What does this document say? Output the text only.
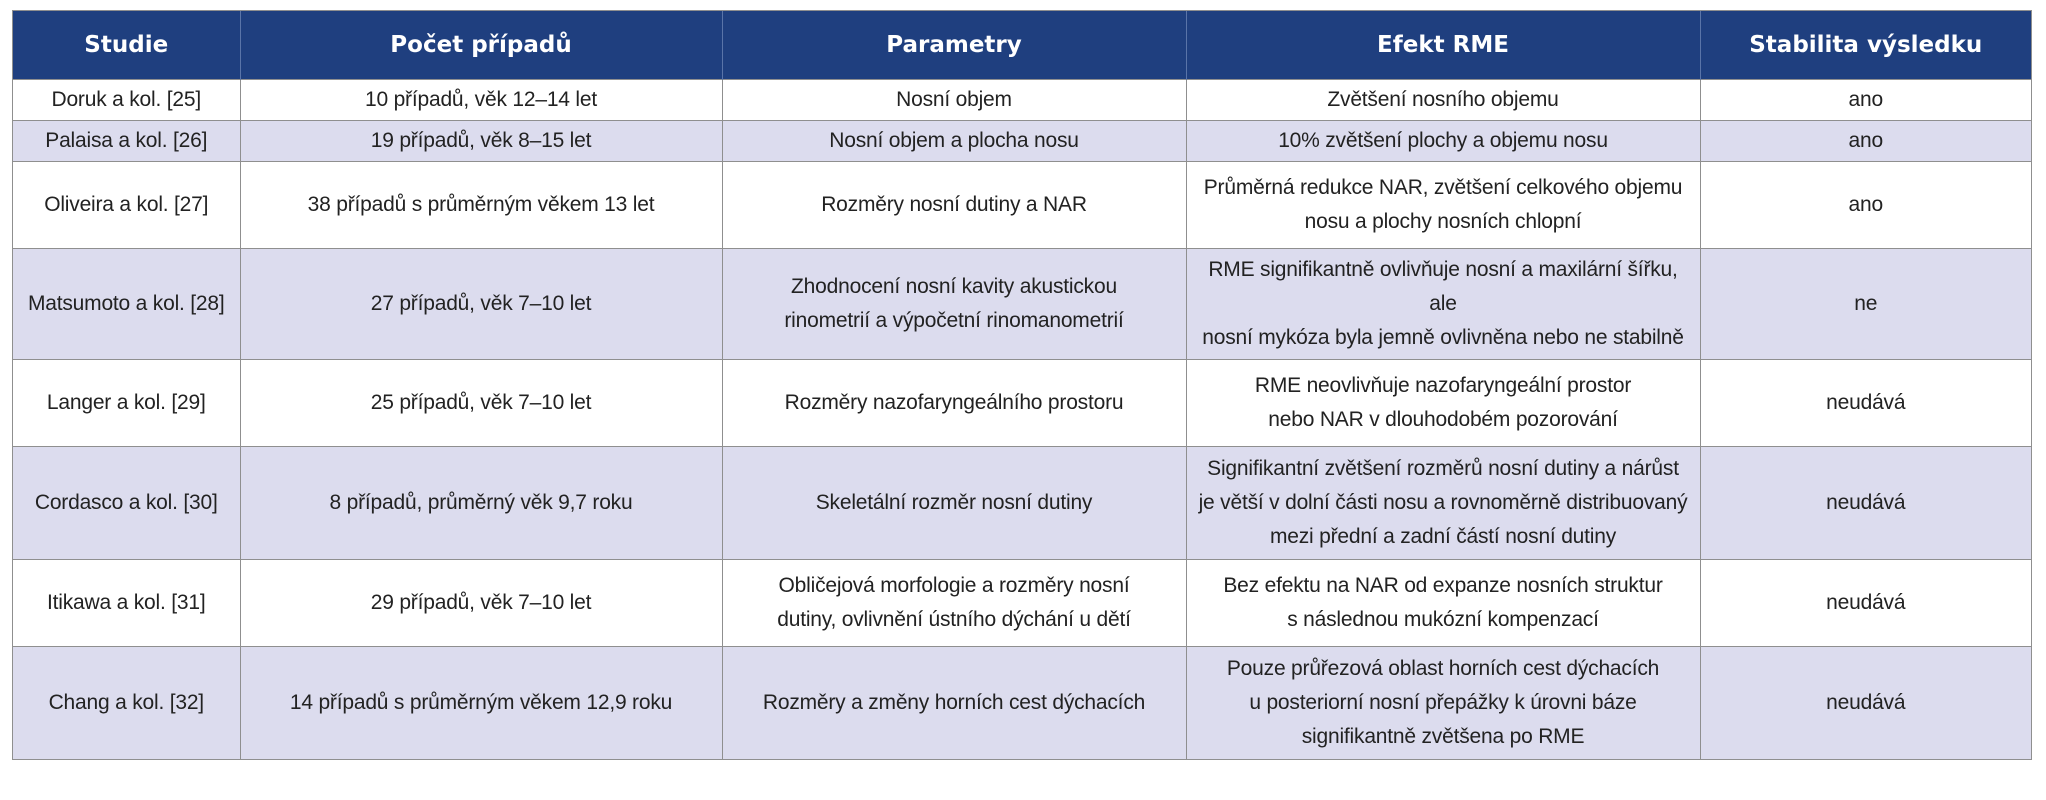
Studie	Počet případů	Parametry	Efekt RME	Stabilita výsledku
Doruk a kol. [25]	10 případů, věk 12–14 let	Nosní objem	Zvětšení nosního objemu	ano
Palaisa a kol. [26]	19 případů, věk 8–15 let	Nosní objem a plocha nosu	10% zvětšení plochy a objemu nosu	ano
Oliveira a kol. [27]	38 případů s průměrným věkem 13 let	Rozměry nosní dutiny a NAR	Průměrná redukce NAR, zvětšení celkového objemu
nosu a plochy nosních chlopní	ano
Matsumoto a kol. [28]	27 případů, věk 7–10 let	Zhodnocení nosní kavity akustickou
rinometrií a výpočetní rinomanometrií	RME signifikantně ovlivňuje nosní a maxilární šířku, ale
nosní mykóza byla jemně ovlivněna nebo ne stabilně	ne
Langer a kol. [29]	25 případů, věk 7–10 let	Rozměry nazofaryngeálního prostoru	RME neovlivňuje nazofaryngeální prostor
nebo NAR v dlouhodobém pozorování	neudává
Cordasco a kol. [30]	8 případů, průměrný věk 9,7 roku	Skeletální rozměr nosní dutiny	Signifikantní zvětšení rozměrů nosní dutiny a nárůst
je větší v dolní části nosu a rovnoměrně distribuovaný
mezi přední a zadní částí nosní dutiny	neudává
Itikawa a kol. [31]	29 případů, věk 7–10 let	Obličejová morfologie a rozměry nosní
dutiny, ovlivnění ústního dýchání u dětí	Bez efektu na NAR od expanze nosních struktur
s následnou mukózní kompenzací	neudává
Chang a kol. [32]	14 případů s průměrným věkem 12,9 roku	Rozměry a změny horních cest dýchacích	Pouze průřezová oblast horních cest dýchacích
u posteriorní nosní přepážky k úrovni báze
signifikantně zvětšena po RME	neudává
